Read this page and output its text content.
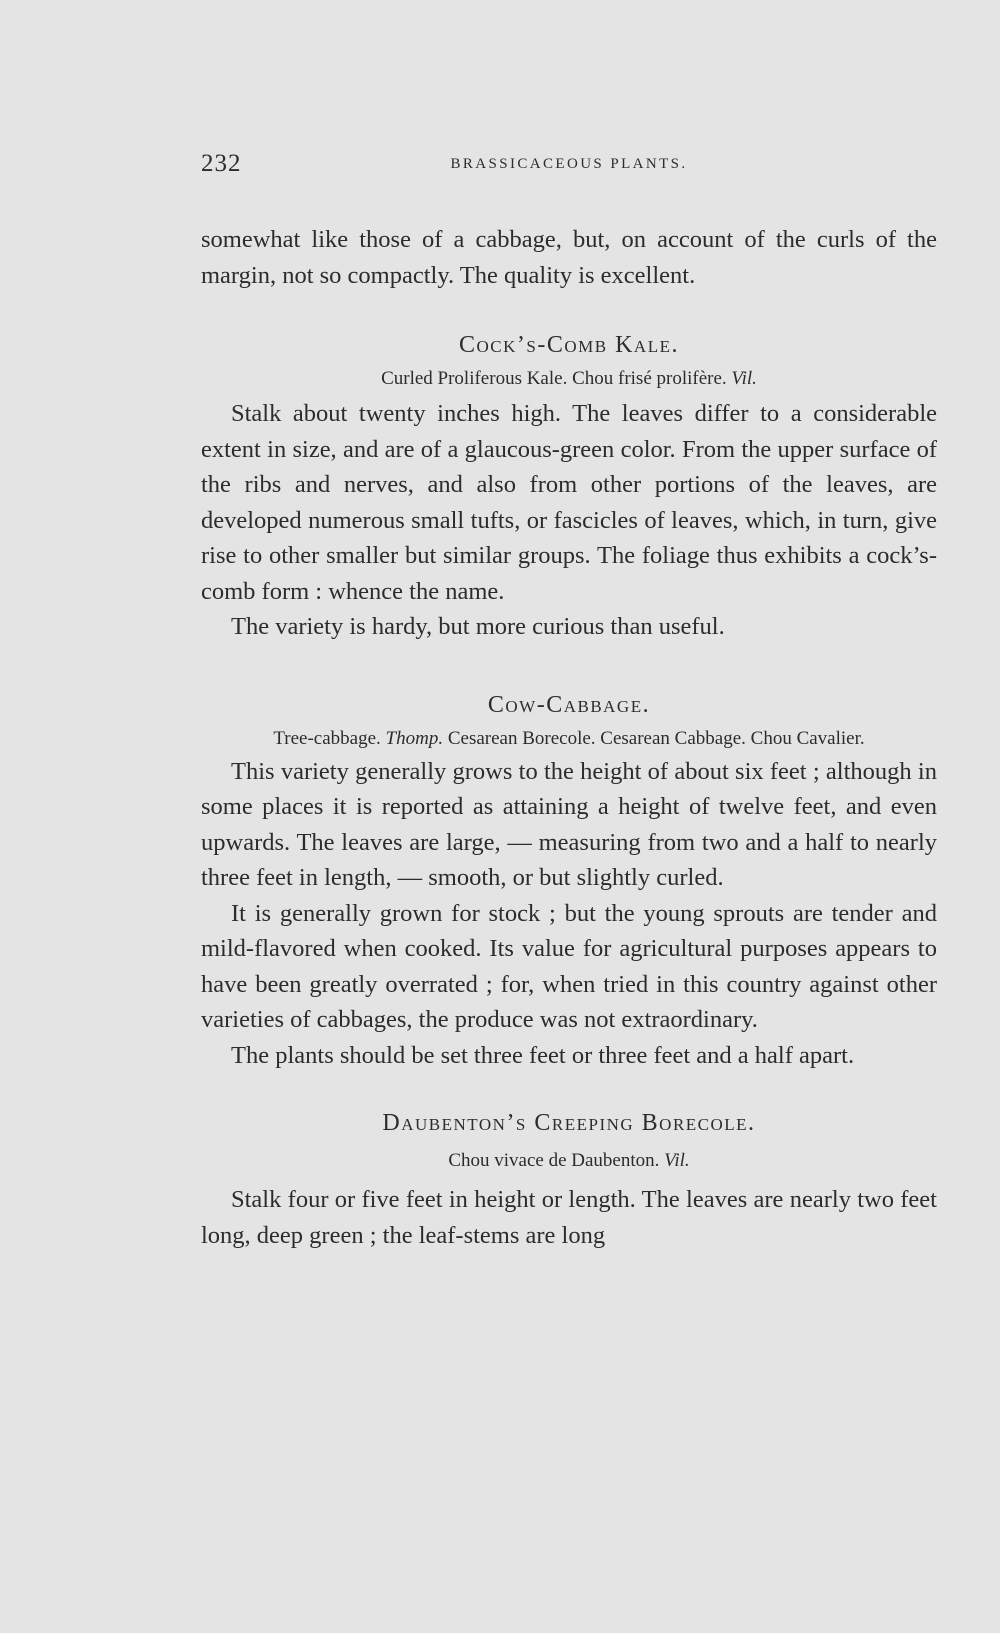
232	BRASSICACEOUS PLANTS.

somewhat like those of a cabbage, but, on account of the curls of the margin, not so compactly. The quality is excellent.

Cock’s-Comb Kale.
Curled Proliferous Kale. Chou frisé prolifère. Vil.

Stalk about twenty inches high. The leaves differ to a considerable extent in size, and are of a glaucous-green color. From the upper surface of the ribs and nerves, and also from other portions of the leaves, are developed numerous small tufts, or fascicles of leaves, which, in turn, give rise to other smaller but similar groups. The foliage thus exhibits a cock’s-comb form : whence the name.

The variety is hardy, but more curious than useful.

Cow-Cabbage.
Tree-cabbage. Thomp. Cesarean Borecole. Cesarean Cabbage. Chou Cavalier.

This variety generally grows to the height of about six feet ; although in some places it is reported as attaining a height of twelve feet, and even upwards. The leaves are large, — measuring from two and a half to nearly three feet in length, — smooth, or but slightly curled.

It is generally grown for stock ; but the young sprouts are tender and mild-flavored when cooked. Its value for agricultural purposes appears to have been greatly overrated ; for, when tried in this country against other varieties of cabbages, the produce was not extraordinary.

The plants should be set three feet or three feet and a half apart.

Daubenton’s Creeping Borecole.
Chou vivace de Daubenton. Vil.

Stalk four or five feet in height or length. The leaves are nearly two feet long, deep green ; the leaf-stems are long
